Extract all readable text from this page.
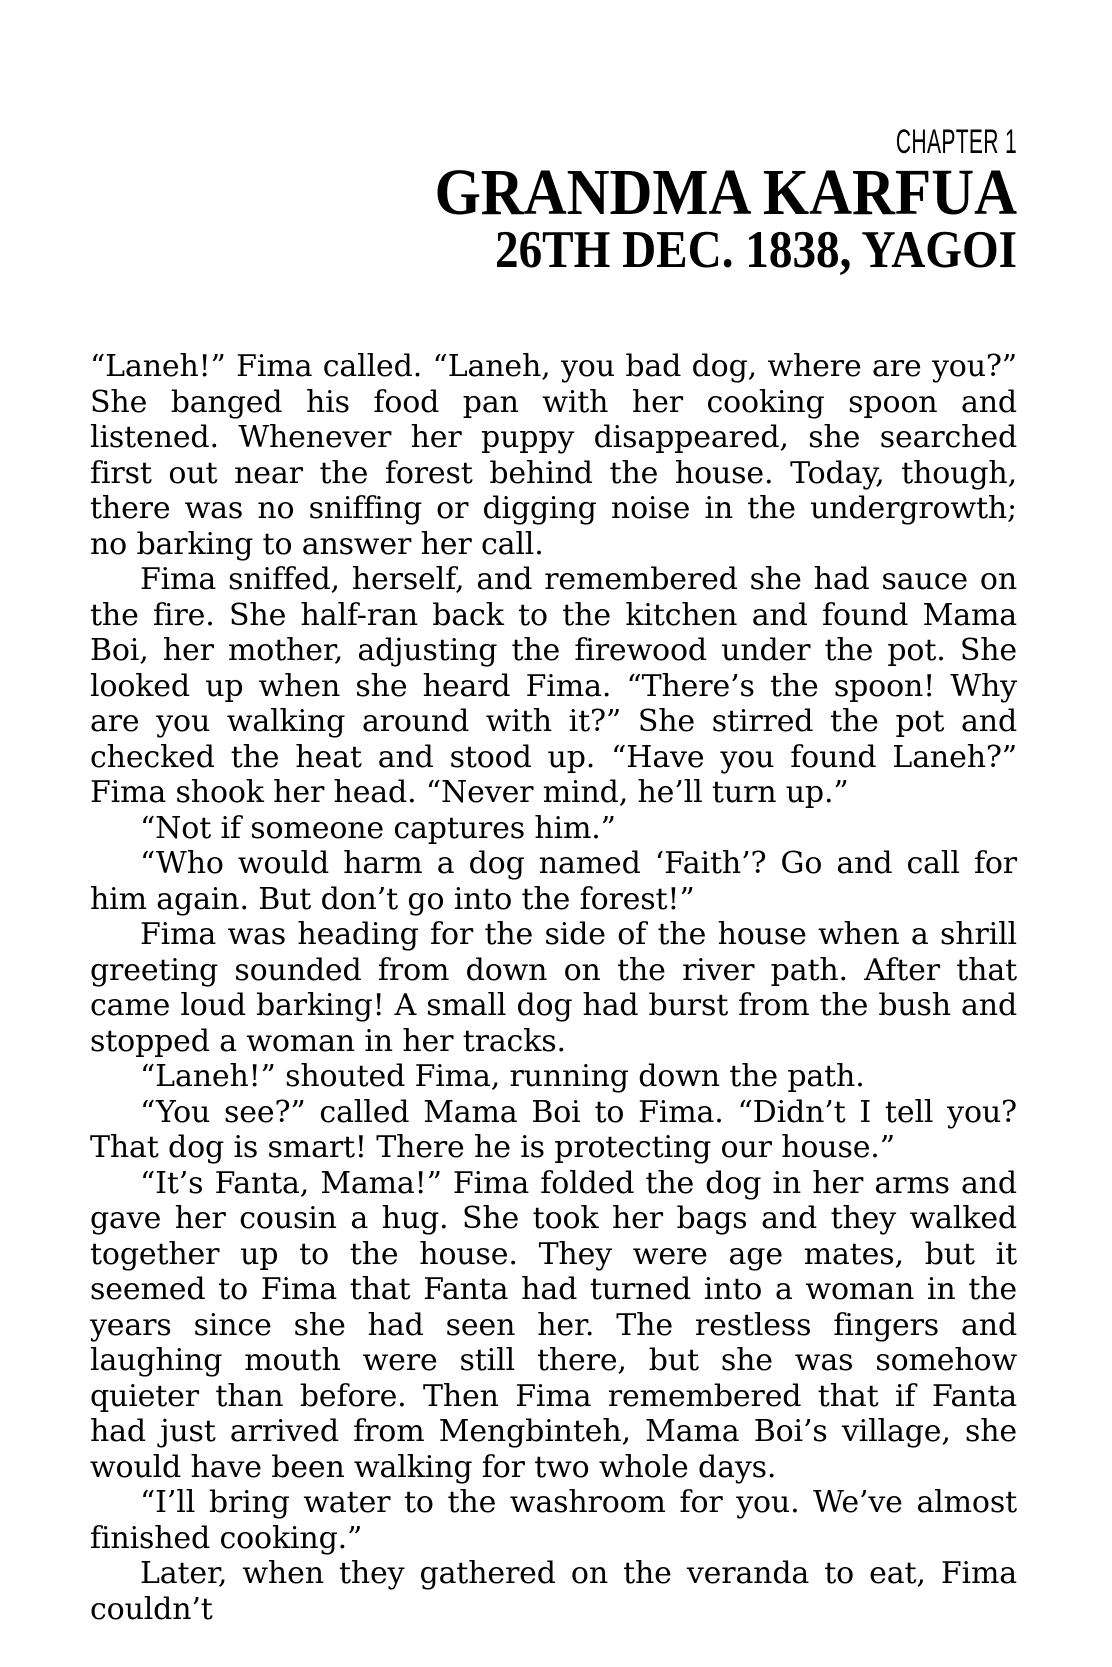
CHAPTER 1
GRANDMA KARFUA
26TH DEC. 1838, YAGOI

“Laneh!” Fima called. “Laneh, you bad dog, where are you?” She banged his food pan with her cooking spoon and listened. Whenever her puppy disappeared, she searched first out near the forest behind the house. Today, though, there was no sniffing or digging noise in the undergrowth; no barking to answer her call.

Fima sniffed, herself, and remembered she had sauce on the fire. She half-ran back to the kitchen and found Mama Boi, her mother, adjusting the firewood under the pot. She looked up when she heard Fima. “There’s the spoon! Why are you walking around with it?” She stirred the pot and checked the heat and stood up. “Have you found Laneh?” Fima shook her head. “Never mind, he’ll turn up.”

“Not if someone captures him.”

“Who would harm a dog named ‘Faith’? Go and call for him again. But don’t go into the forest!”

Fima was heading for the side of the house when a shrill greeting sounded from down on the river path. After that came loud barking! A small dog had burst from the bush and stopped a woman in her tracks.

“Laneh!” shouted Fima, running down the path.

“You see?” called Mama Boi to Fima. “Didn’t I tell you? That dog is smart! There he is protecting our house.”

“It’s Fanta, Mama!” Fima folded the dog in her arms and gave her cousin a hug. She took her bags and they walked together up to the house. They were age mates, but it seemed to Fima that Fanta had turned into a woman in the years since she had seen her. The restless fingers and laughing mouth were still there, but she was somehow quieter than before. Then Fima remembered that if Fanta had just arrived from Mengbinteh, Mama Boi’s village, she would have been walking for two whole days.

“I’ll bring water to the washroom for you. We’ve almost finished cooking.”

Later, when they gathered on the veranda to eat, Fima couldn’t
